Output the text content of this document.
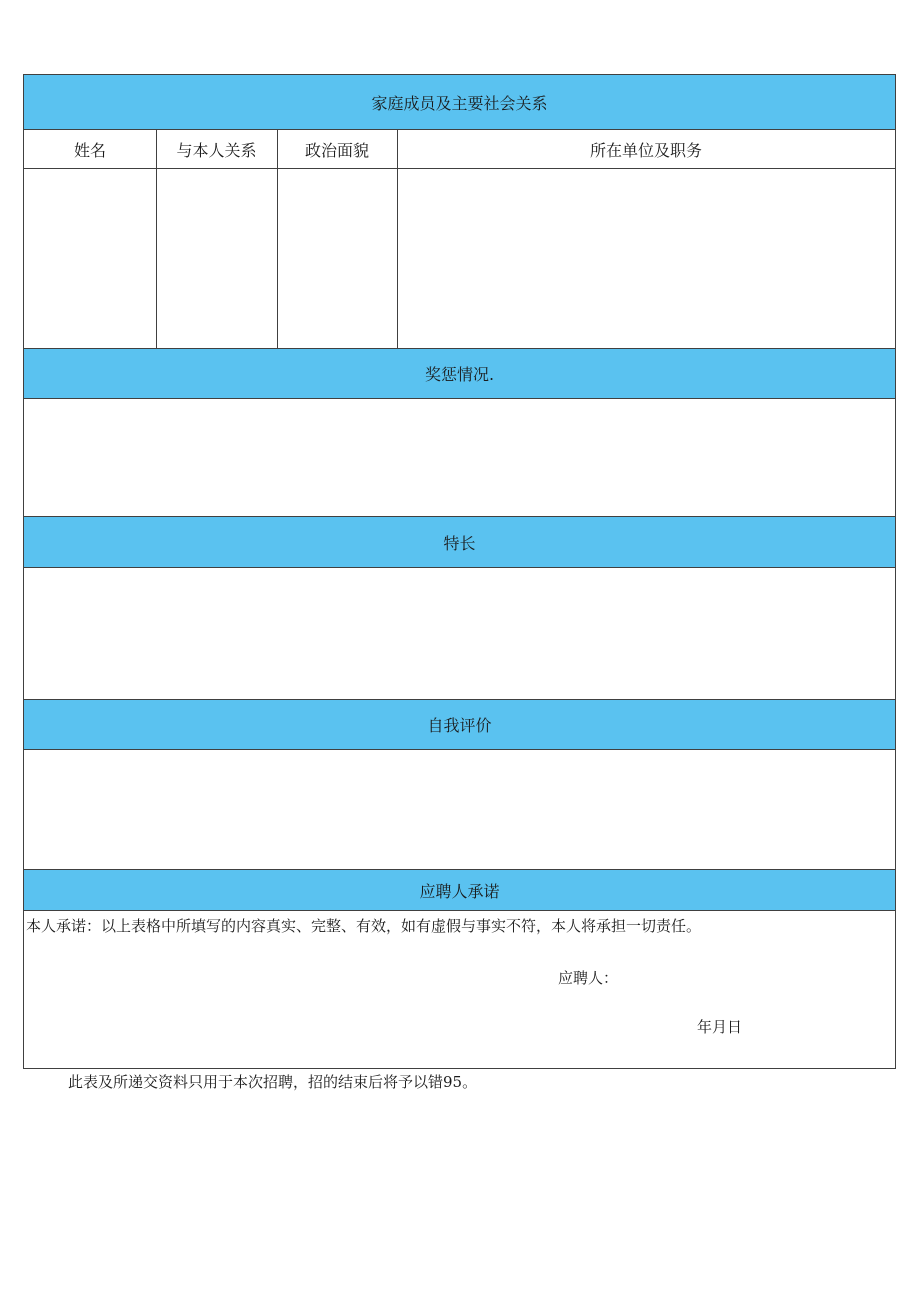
家庭成员及主要社会关系
姓名	与本人关系	政治面貌	所在单位及职务
奖惩情况.
特长
自我评价
应聘人承诺
本人承诺：以上表格中所填写的内容真实、完整、有效，如有虚假与事实不符，本人将承担一切责任。
应聘人：
年月日
此表及所递交资料只用于本次招聘，招的结束后将予以错95。
